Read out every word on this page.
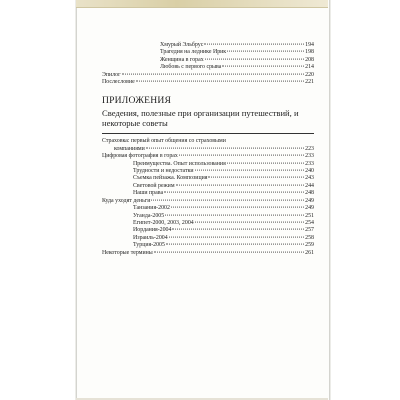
Хмурый Эльбрус	194
Трагедия на леднике Ирик	198
Женщина в горах	208
Любовь с первого срыва	214
Эпилог	220
Послесловие	221
ПРИЛОЖЕНИЯ
Сведения, полезные при организации путешествий, и некоторые советы
Страховка: первый опыт общения со страховыми
компаниями	223
Цифровая фотография в горах	233
Преимущества. Опыт использования	233
Трудности и недостатки	240
Съемка пейзажа. Композиция	243
Световой режим	244
Наши права	248
Куда уходят деньги	249
Танзания-2002	249
Уганда-2005	251
Египет-2000, 2003, 2004	254
Иордания-2004	257
Израиль-2004	258
Турция-2005	259
Некоторые термины	261
